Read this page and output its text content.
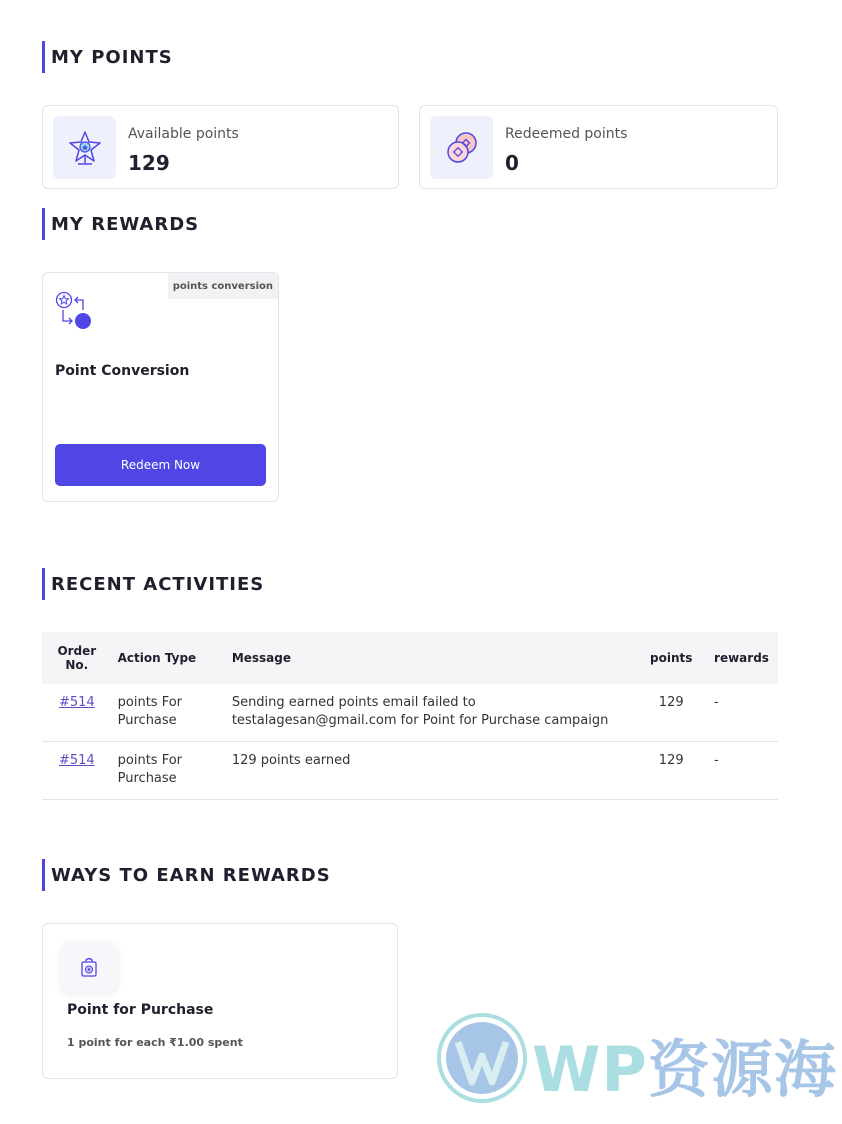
MY POINTS
Available points
129
Redeemed points
0
MY REWARDS
points conversion
Point Conversion
Redeem Now
RECENT ACTIVITIES
Order No.	Action Type	Message	points	rewards
#514	points For Purchase	Sending earned points email failed to testalagesan@gmail.com for Point for Purchase campaign	129	-
#514	points For Purchase	129 points earned	129	-
WAYS TO EARN REWARDS
Point for Purchase
1 point for each ₹1.00 spent	WP资源海
